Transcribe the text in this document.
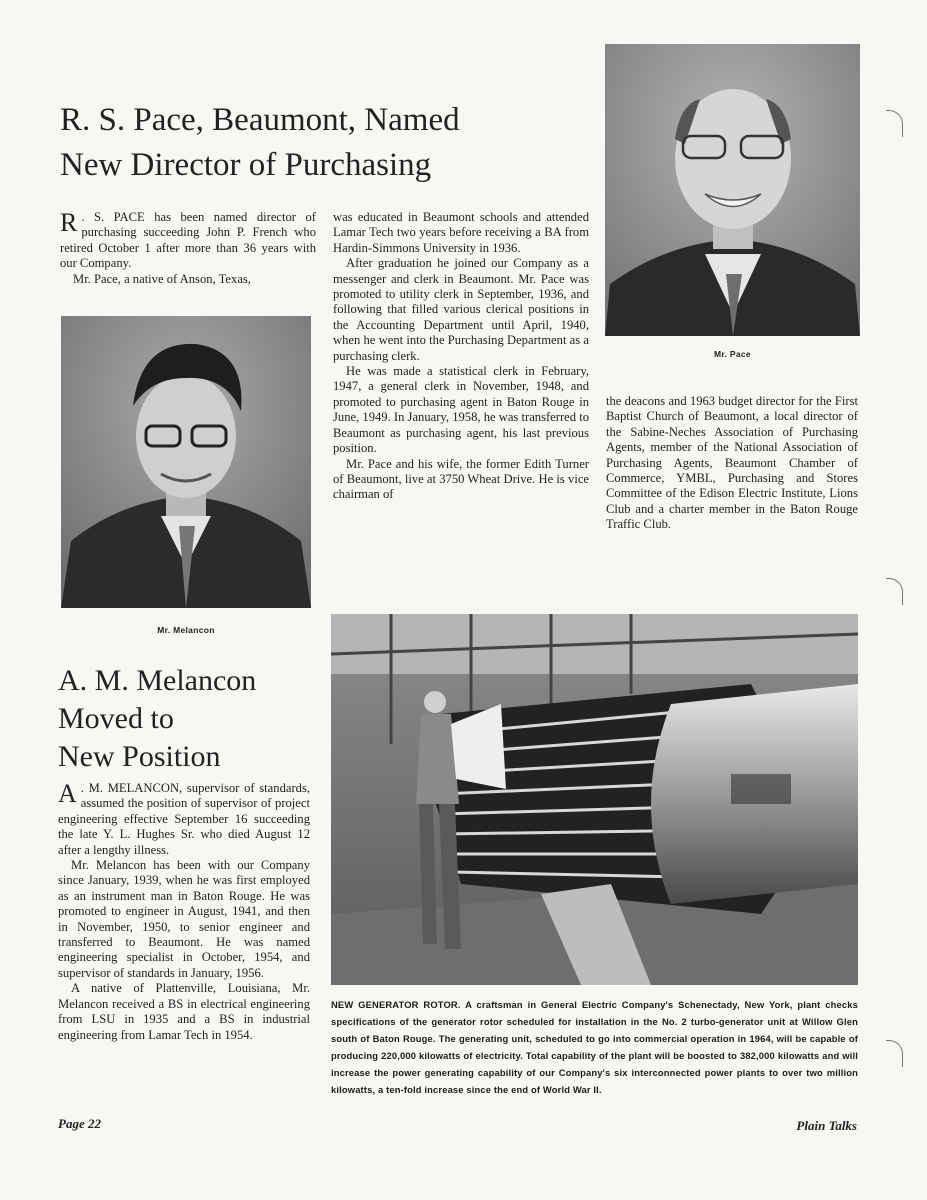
R. S. Pace, Beaumont, Named
New Director of Purchasing

R . S. PACE has been named director of purchasing succeeding John P. French who retired October 1 after more than 36 years with our Company.

Mr. Pace, a native of Anson, Texas,

Mr. Melancon

was educated in Beaumont schools and attended Lamar Tech two years before receiving a BA from Hardin-Simmons University in 1936.

After graduation he joined our Company as a messenger and clerk in Beaumont. Mr. Pace was promoted to utility clerk in September, 1936, and following that filled various clerical positions in the Accounting Department until April, 1940, when he went into the Purchasing Department as a purchasing clerk.

He was made a statistical clerk in February, 1947, a general clerk in November, 1948, and promoted to purchasing agent in Baton Rouge in June, 1949. In January, 1958, he was transferred to Beaumont as purchasing agent, his last previous position.

Mr. Pace and his wife, the former Edith Turner of Beaumont, live at 3750 Wheat Drive. He is vice chairman of

Mr. Pace

the deacons and 1963 budget director for the First Baptist Church of Beaumont, a local director of the Sabine-Neches Association of Purchasing Agents, member of the National Association of Purchasing Agents, Beaumont Chamber of Commerce, YMBL, Purchasing and Stores Committee of the Edison Electric Institute, Lions Club and a charter member in the Baton Rouge Traffic Club.

A. M. Melancon
Moved to
New Position

A . M. MELANCON, supervisor of standards, assumed the position of supervisor of project engineering effective September 16 succeeding the late Y. L. Hughes Sr. who died August 12 after a lengthy illness.

Mr. Melancon has been with our Company since January, 1939, when he was first employed as an instrument man in Baton Rouge. He was promoted to engineer in August, 1941, and then in November, 1950, to senior engineer and transferred to Beaumont. He was named engineering specialist in October, 1954, and supervisor of standards in January, 1956.

A native of Plattenville, Louisiana, Mr. Melancon received a BS in electrical engineering from LSU in 1935 and a BS in industrial engineering from Lamar Tech in 1954.

NEW GENERATOR ROTOR. A craftsman in General Electric Company's Schenectady, New York, plant checks specifications of the generator rotor scheduled for installation in the No. 2 turbo-generator unit at Willow Glen south of Baton Rouge. The generating unit, scheduled to go into commercial operation in 1964, will be capable of producing 220,000 kilowatts of electricity. Total capability of the plant will be boosted to 382,000 kilowatts and will increase the power generating capability of our Company's six interconnected power plants to over two million kilowatts, a ten-fold increase since the end of World War II.
Page 22	Plain Talks
